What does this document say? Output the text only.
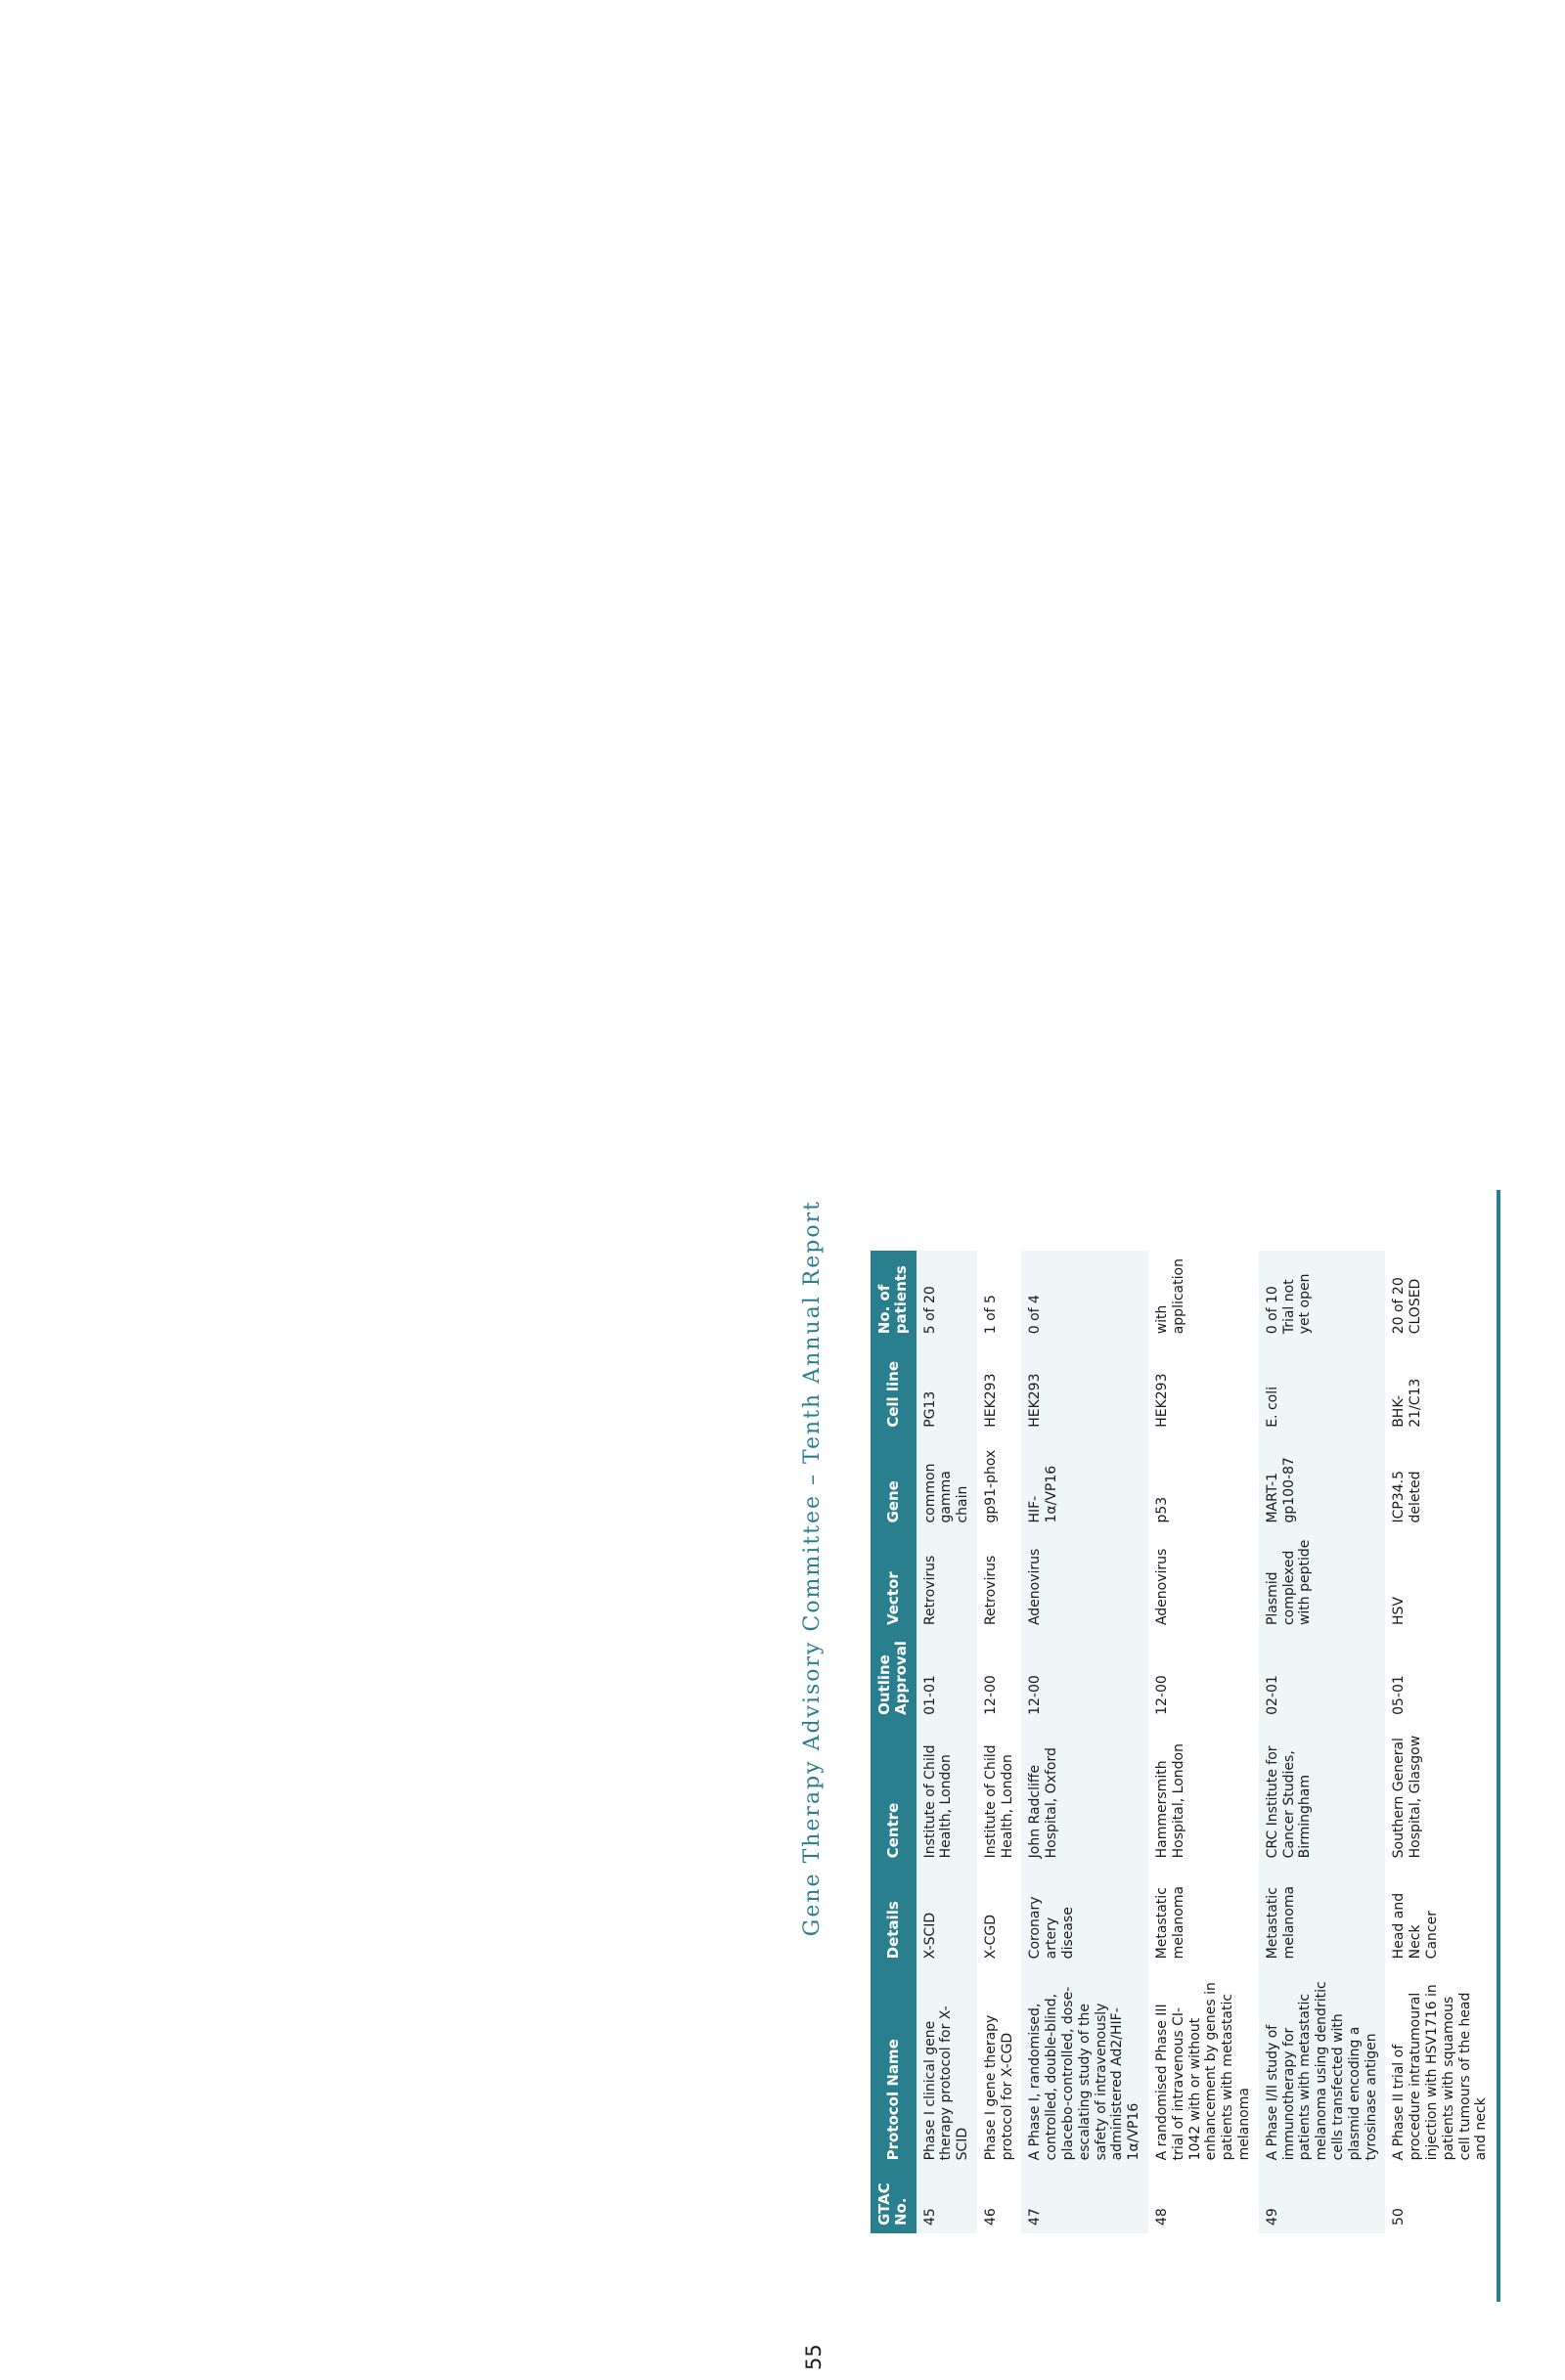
55
Gene Therapy Advisory Committee – Tenth Annual Report
GTAC No.	Protocol Name	Details	Centre	Outline Approval	Vector	Gene	Cell line	No. of patients
45	Phase I clinical gene therapy protocol for X-SCID	X-SCID	Institute of Child Health, London	01-01	Retrovirus	common gamma chain	PG13	5 of 20
46	Phase I gene therapy protocol for X-CGD	X-CGD	Institute of Child Health, London	12-00	Retrovirus	gp91-phox	HEK293	1 of 5
47	A Phase I, randomised, controlled, double-blind, placebo-controlled, dose-escalating study of the safety of intravenously administered Ad2/HIF-1α/VP16	Coronary artery disease	John Radcliffe Hospital, Oxford	12-00	Adenovirus	HIF-1α/VP16	HEK293	0 of 4
48	A randomised Phase III trial of intravenous CI-1042 with or without enhancement by genes in patients with metastatic melanoma	Metastatic melanoma	Hammersmith Hospital, London	12-00	Adenovirus	p53	HEK293	with application
49	A Phase I/II study of immunotherapy for patients with metastatic melanoma using dendritic cells transfected with plasmid encoding a tyrosinase antigen	Metastatic melanoma	CRC Institute for Cancer Studies, Birmingham	02-01	Plasmid complexed with peptide	MART-1 gp100-87	E. coli	0 of 10 Trial not yet open
50	A Phase II trial of procedure intratumoural injection with HSV1716 in patients with squamous cell tumours of the head and neck	Head and Neck Cancer	Southern General Hospital, Glasgow	05-01	HSV	ICP34.5 deleted	BHK-21/C13	20 of 20 CLOSED
